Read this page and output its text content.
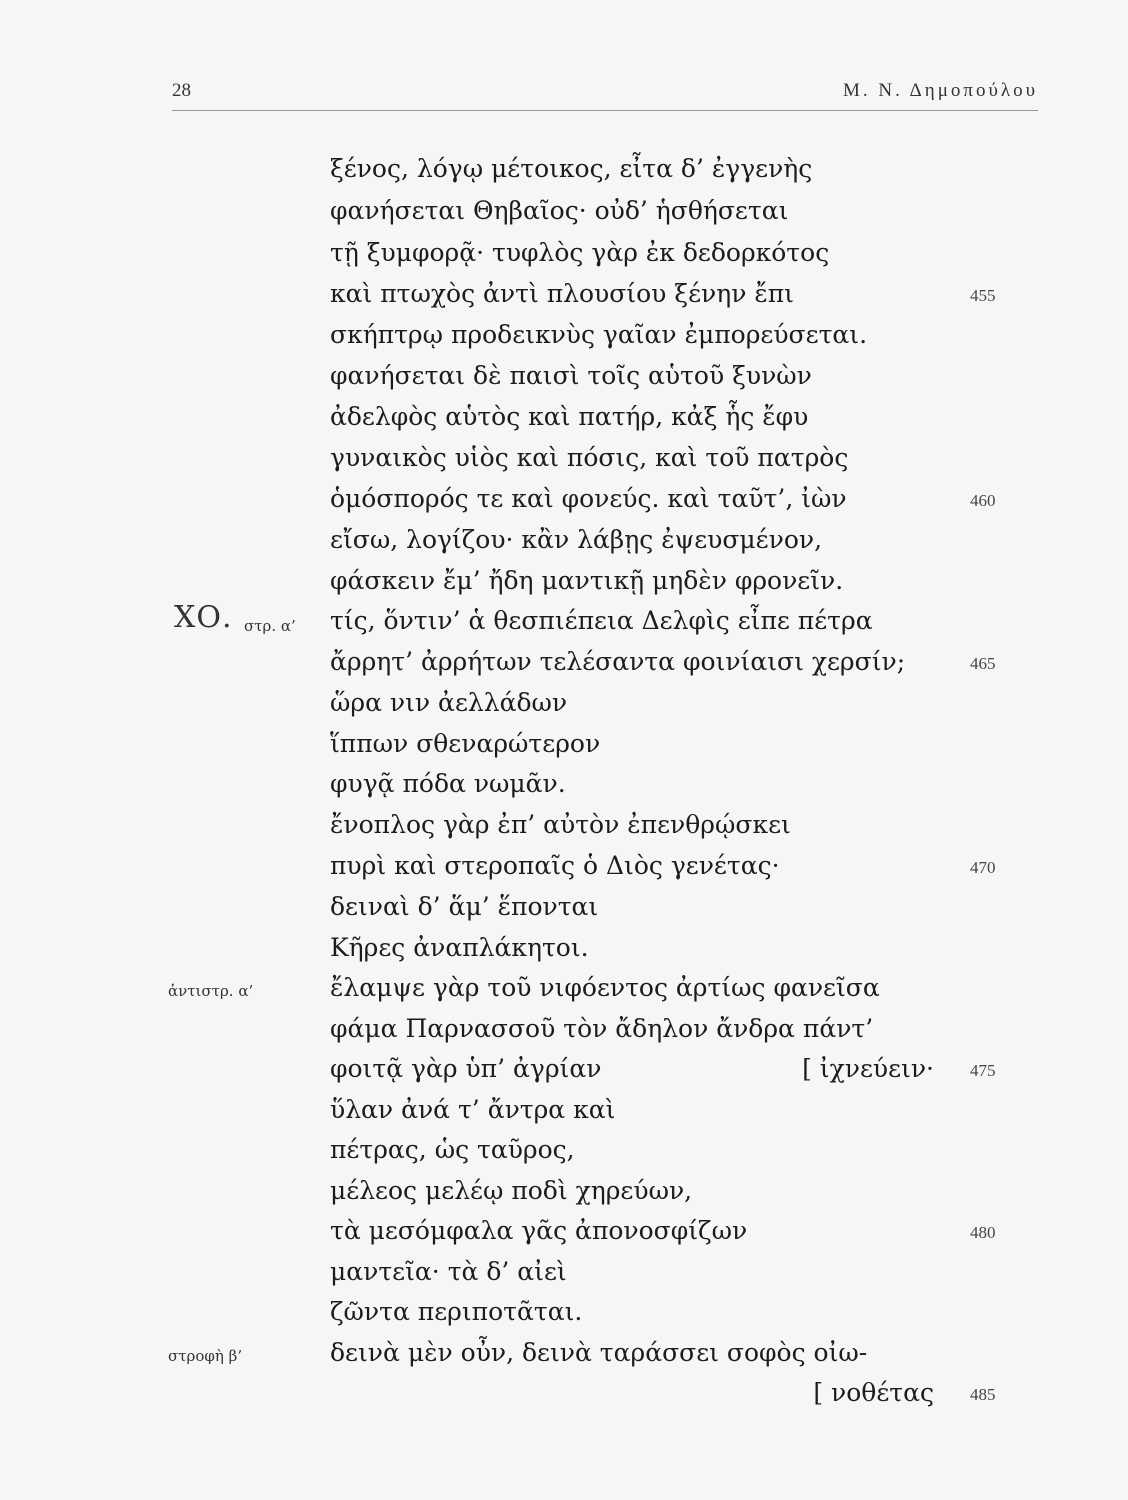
28	Μ. Ν. Δημοπούλου
ξένος, λόγῳ μέτοικος, εἶτα δ’ ἐγγενὴς
φανήσεται Θηβαῖος· οὐδ’ ἡσθήσεται
τῇ ξυμφορᾷ· τυφλὸς γὰρ ἐκ δεδορκότος
καὶ πτωχὸς ἀντὶ πλουσίου ξένην ἔπι
σκήπτρῳ προδεικνὺς γαῖαν ἐμπορεύσεται.
φανήσεται δὲ παισὶ τοῖς αὑτοῦ ξυνὼν
ἀδελφὸς αὑτὸς καὶ πατήρ, κἀξ ἧς ἔφυ
γυναικὸς υἱὸς καὶ πόσις, καὶ τοῦ πατρὸς
ὁμόσπορός τε καὶ φονεύς. καὶ ταῦτ’, ἰὼν
εἴσω, λογίζου· κἂν λάβῃς ἐψευσμένον,
φάσκειν ἔμ’ ἤδη μαντικῇ μηδὲν φρονεῖν.
τίς, ὅντιν’ ἁ θεσπιέπεια Δελφὶς εἶπε πέτρα
ἄρρητ’ ἀρρήτων τελέσαντα φοινίαισι χερσίν;
ὥρα νιν ἀελλάδων
ἵππων σθεναρώτερον
φυγᾷ πόδα νωμᾶν.
ἔνοπλος γὰρ ἐπ’ αὐτὸν ἐπενθρῴσκει
πυρὶ καὶ στεροπαῖς ὁ Διὸς γενέτας·
δειναὶ δ’ ἅμ’ ἕπονται
Κῆρες ἀναπλάκητοι.
ἔλαμψε γὰρ τοῦ νιφόεντος ἀρτίως φανεῖσα
φάμα Παρνασσοῦ τὸν ἄδηλον ἄνδρα πάντ’
φοιτᾷ γὰρ ὑπ’ ἀγρίαν
ὕλαν ἀνά τ’ ἄντρα καὶ
πέτρας, ὡς ταῦρος,
μέλεος μελέῳ ποδὶ χηρεύων,
τὰ μεσόμφαλα γᾶς ἀπονοσφίζων
μαντεῖα· τὰ δ’ αἰεὶ
ζῶντα περιποτᾶται.
δεινὰ μὲν οὖν, δεινὰ ταράσσει σοφὸς οἰω-
[ ἰχνεύειν·
[ νοθέτας
ΧΟ. στρ. α’
ἀντιστρ. α’
στροφὴ β’
455
460
465
470
475
480
485
